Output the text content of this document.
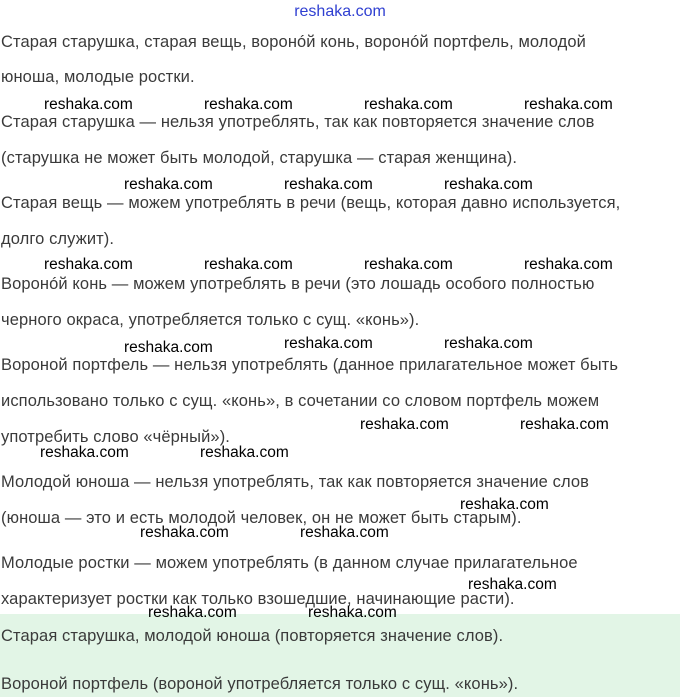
reshaka.com
Старая старушка, старая вещь, воронóй конь, воронóй портфель, молодой
юноша, молодые ростки.
Старая старушка — нельзя употреблять, так как повторяется значение слов
(старушка не может быть молодой, старушка — старая женщина).
Старая вещь — можем употреблять в речи (вещь, которая давно используется,
долго служит).
Воронóй конь — можем употреблять в речи (это лошадь особого полностью
черного окраса, употребляется только с сущ. «конь»).
Вороной портфель — нельзя употреблять (данное прилагательное может быть
использовано только с сущ. «конь», в сочетании со словом портфель можем
употребить слово «чёрный»).
Молодой юноша — нельзя употреблять, так как повторяется значение слов
(юноша — это и есть молодой человек, он не может быть старым).
Молодые ростки — можем употреблять (в данном случае прилагательное
характеризует ростки как только взошедшие, начинающие расти).
Старая старушка, молодой юноша (повторяется значение слов).
Вороной портфель (вороной употребляется только с сущ. «конь»).
reshaka.com	reshaka.com	reshaka.com	reshaka.com
reshaka.com	reshaka.com	reshaka.com
reshaka.com	reshaka.com	reshaka.com	reshaka.com
reshaka.com	reshaka.com	reshaka.com
reshaka.com	reshaka.com
reshaka.com	reshaka.com
reshaka.com
reshaka.com	reshaka.com
reshaka.com
reshaka.com	reshaka.com
